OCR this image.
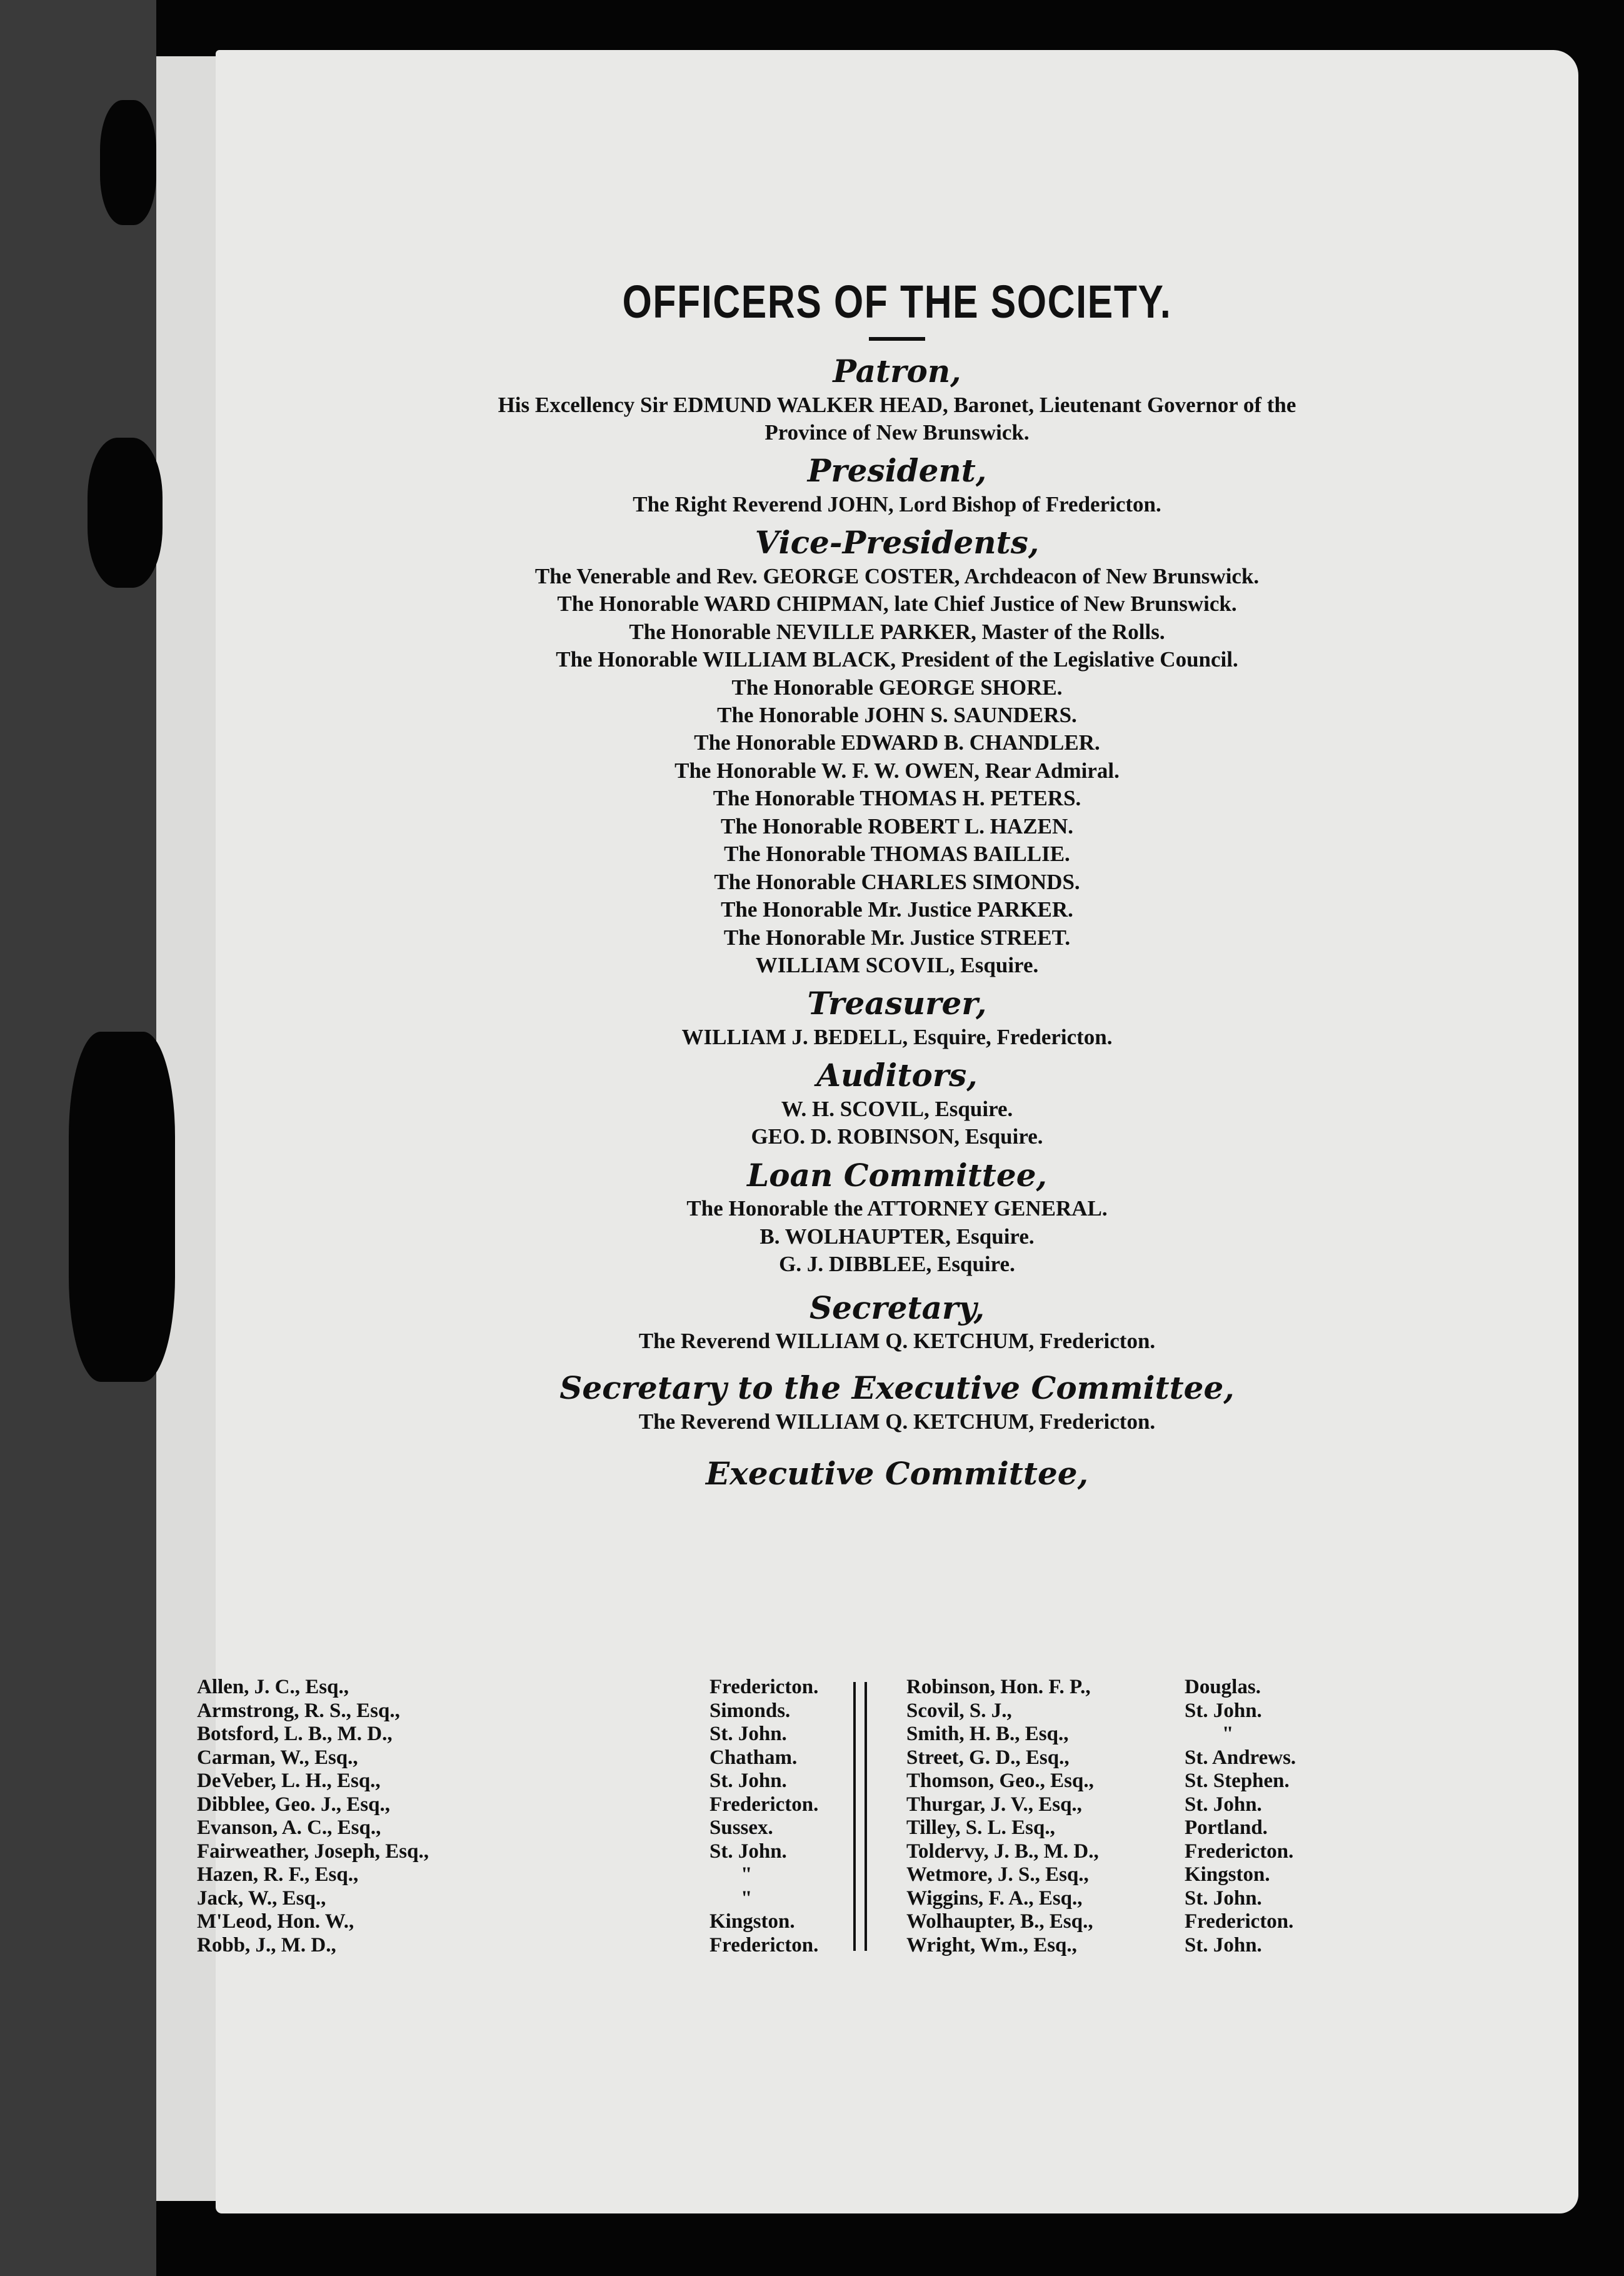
OFFICERS OF THE SOCIETY.
Patron,
His Excellency Sir EDMUND WALKER HEAD, Baronet, Lieutenant Governor of the
Province of New Brunswick.
President,
The Right Reverend JOHN, Lord Bishop of Fredericton.
Vice-Presidents,
The Venerable and Rev. GEORGE COSTER, Archdeacon of New Brunswick.
The Honorable WARD CHIPMAN, late Chief Justice of New Brunswick.
The Honorable NEVILLE PARKER, Master of the Rolls.
The Honorable WILLIAM BLACK, President of the Legislative Council.
The Honorable GEORGE SHORE.
The Honorable JOHN S. SAUNDERS.
The Honorable EDWARD B. CHANDLER.
The Honorable W. F. W. OWEN, Rear Admiral.
The Honorable THOMAS H. PETERS.
The Honorable ROBERT L. HAZEN.
The Honorable THOMAS BAILLIE.
The Honorable CHARLES SIMONDS.
The Honorable Mr. Justice PARKER.
The Honorable Mr. Justice STREET.
WILLIAM SCOVIL, Esquire.
Treasurer,
WILLIAM J. BEDELL, Esquire, Fredericton.
Auditors,
W. H. SCOVIL, Esquire.
GEO. D. ROBINSON, Esquire.
Loan Committee,
The Honorable the ATTORNEY GENERAL.
B. WOLHAUPTER, Esquire.
G. J. DIBBLEE, Esquire.
Secretary,
The Reverend WILLIAM Q. KETCHUM, Fredericton.
Secretary to the Executive Committee,
The Reverend WILLIAM Q. KETCHUM, Fredericton.
Executive Committee,
Allen, J. C., Esq.,
Armstrong, R. S., Esq.,
Botsford, L. B., M. D.,
Carman, W., Esq.,
DeVeber, L. H., Esq.,
Dibblee, Geo. J., Esq.,
Evanson, A. C., Esq.,
Fairweather, Joseph, Esq.,
Hazen, R. F., Esq.,
Jack, W., Esq.,
M'Leod, Hon. W.,
Robb, J., M. D.,
Fredericton.
Simonds.
St. John.
Chatham.
St. John.
Fredericton.
Sussex.
St. John.
"
"
Kingston.
Fredericton.
Robinson, Hon. F. P.,
Scovil, S. J.,
Smith, H. B., Esq.,
Street, G. D., Esq.,
Thomson, Geo., Esq.,
Thurgar, J. V., Esq.,
Tilley, S. L. Esq.,
Toldervy, J. B., M. D.,
Wetmore, J. S., Esq.,
Wiggins, F. A., Esq.,
Wolhaupter, B., Esq.,
Wright, Wm., Esq.,
Douglas.
St. John.
"
St. Andrews.
St. Stephen.
St. John.
Portland.
Fredericton.
Kingston.
St. John.
Fredericton.
St. John.
